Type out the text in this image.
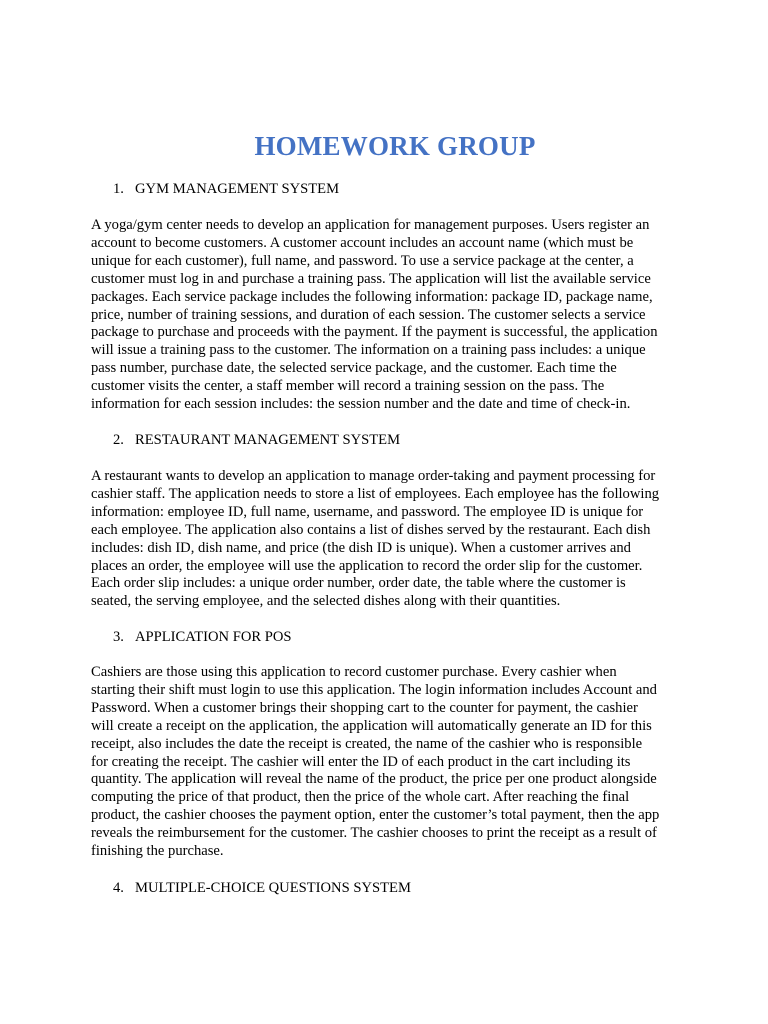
HOMEWORK GROUP
1. GYM MANAGEMENT SYSTEM
A yoga/gym center needs to develop an application for management purposes. Users register an
account to become customers. A customer account includes an account name (which must be
unique for each customer), full name, and password. To use a service package at the center, a
customer must log in and purchase a training pass. The application will list the available service
packages. Each service package includes the following information: package ID, package name,
price, number of training sessions, and duration of each session. The customer selects a service
package to purchase and proceeds with the payment. If the payment is successful, the application
will issue a training pass to the customer. The information on a training pass includes: a unique
pass number, purchase date, the selected service package, and the customer. Each time the
customer visits the center, a staff member will record a training session on the pass. The
information for each session includes: the session number and the date and time of check-in.
2. RESTAURANT MANAGEMENT SYSTEM
A restaurant wants to develop an application to manage order-taking and payment processing for
cashier staff. The application needs to store a list of employees. Each employee has the following
information: employee ID, full name, username, and password. The employee ID is unique for
each employee. The application also contains a list of dishes served by the restaurant. Each dish
includes: dish ID, dish name, and price (the dish ID is unique). When a customer arrives and
places an order, the employee will use the application to record the order slip for the customer.
Each order slip includes: a unique order number, order date, the table where the customer is
seated, the serving employee, and the selected dishes along with their quantities.
3. APPLICATION FOR POS
Cashiers are those using this application to record customer purchase. Every cashier when
starting their shift must login to use this application. The login information includes Account and
Password. When a customer brings their shopping cart to the counter for payment, the cashier
will create a receipt on the application, the application will automatically generate an ID for this
receipt, also includes the date the receipt is created, the name of the cashier who is responsible
for creating the receipt. The cashier will enter the ID of each product in the cart including its
quantity. The application will reveal the name of the product, the price per one product alongside
computing the price of that product, then the price of the whole cart. After reaching the final
product, the cashier chooses the payment option, enter the customer’s total payment, then the app
reveals the reimbursement for the customer. The cashier chooses to print the receipt as a result of
finishing the purchase.
4. MULTIPLE-CHOICE QUESTIONS SYSTEM
